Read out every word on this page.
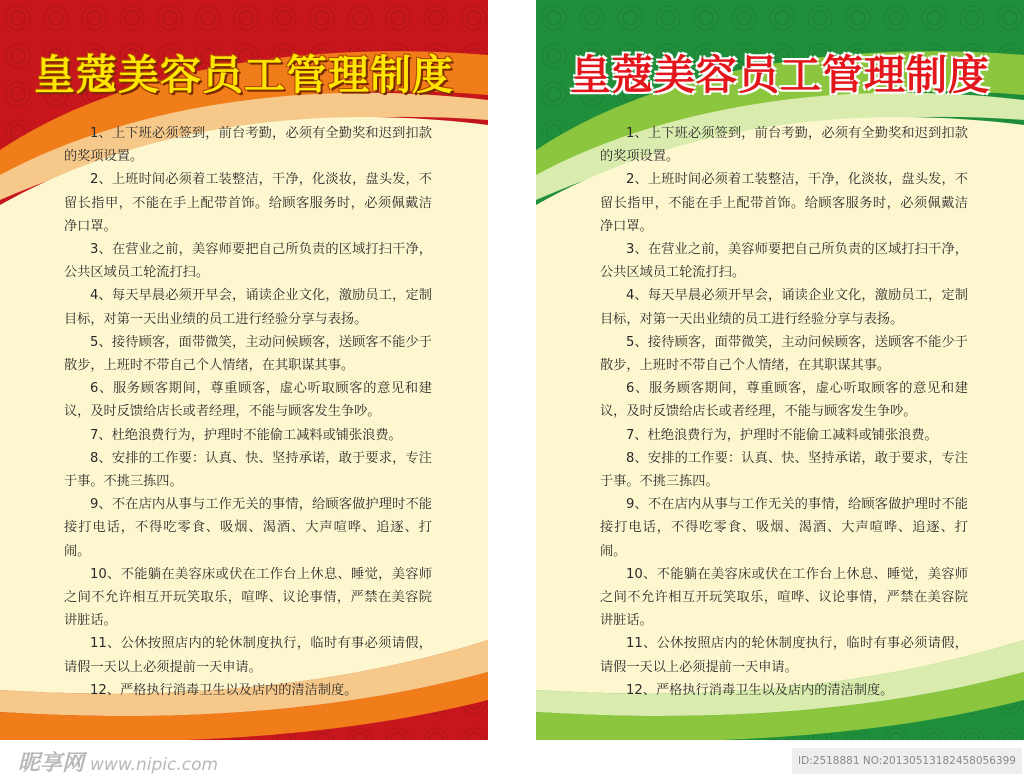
皇蔻美容员工管理制度

1、上下班必须签到，前台考勤，必须有全勤奖和迟到扣款的奖项设置。

2、上班时间必须着工装整洁，干净，化淡妆，盘头发，不留长指甲，不能在手上配带首饰。给顾客服务时，必须佩戴洁净口罩。

3、在营业之前，美容师要把自己所负责的区域打扫干净，公共区域员工轮流打扫。

4、每天早晨必须开早会，诵读企业文化，激励员工，定制目标，对第一天出业绩的员工进行经验分享与表扬。

5、接待顾客，面带微笑，主动问候顾客，送顾客不能少于散步，上班时不带自己个人情绪，在其职谋其事。

6、服务顾客期间，尊重顾客，虚心听取顾客的意见和建议，及时反馈给店长或者经理，不能与顾客发生争吵。

7、杜绝浪费行为，护理时不能偷工减料或铺张浪费。

8、安排的工作要：认真、快、坚持承诺，敢于要求，专注于事。不挑三拣四。

9、不在店内从事与工作无关的事情，给顾客做护理时不能接打电话，不得吃零食、吸烟、渴酒、大声喧哗、追逐、打闹。

10、不能躺在美容床或伏在工作台上休息、睡觉，美容师之间不允许相互开玩笑取乐，喧哗、议论事情，严禁在美容院讲脏话。

11、公休按照店内的轮休制度执行，临时有事必须请假，请假一天以上必须提前一天申请。

12、严格执行消毒卫生以及店内的清洁制度。

皇蔻美容员工管理制度

1、上下班必须签到，前台考勤，必须有全勤奖和迟到扣款的奖项设置。

2、上班时间必须着工装整洁，干净，化淡妆，盘头发，不留长指甲，不能在手上配带首饰。给顾客服务时，必须佩戴洁净口罩。

3、在营业之前，美容师要把自己所负责的区域打扫干净，公共区域员工轮流打扫。

4、每天早晨必须开早会，诵读企业文化，激励员工，定制目标，对第一天出业绩的员工进行经验分享与表扬。

5、接待顾客，面带微笑，主动问候顾客，送顾客不能少于散步，上班时不带自己个人情绪，在其职谋其事。

6、服务顾客期间，尊重顾客，虚心听取顾客的意见和建议，及时反馈给店长或者经理，不能与顾客发生争吵。

7、杜绝浪费行为，护理时不能偷工减料或铺张浪费。

8、安排的工作要：认真、快、坚持承诺，敢于要求，专注于事。不挑三拣四。

9、不在店内从事与工作无关的事情，给顾客做护理时不能接打电话，不得吃零食、吸烟、渴酒、大声喧哗、追逐、打闹。

10、不能躺在美容床或伏在工作台上休息、睡觉，美容师之间不允许相互开玩笑取乐，喧哗、议论事情，严禁在美容院讲脏话。

11、公休按照店内的轮休制度执行，临时有事必须请假，请假一天以上必须提前一天申请。

12、严格执行消毒卫生以及店内的清洁制度。

昵享网 www.nipic.com	ID:2518881 NO:20130513182458056399
